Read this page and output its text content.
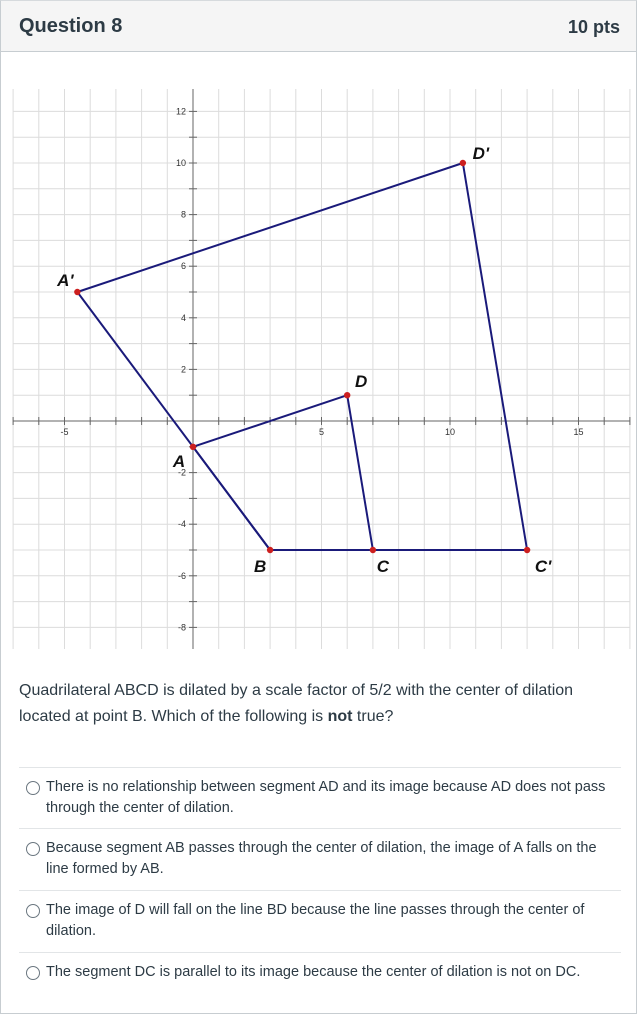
Question 8	10 pts
-5	5	10	15
12
10
8
6
4
2
-2
-4
-6
-8
A
B	C
D
A'
C'
D'
Quadrilateral ABCD is dilated by a scale factor of 5/2 with the center of dilation located at point B. Which of the following is not true?
There is no relationship between segment AD and its image because AD does not pass through the center of dilation.
Because segment AB passes through the center of dilation, the image of A falls on the line formed by AB.
The image of D will fall on the line BD because the line passes through the center of dilation.
The segment DC is parallel to its image because the center of dilation is not on DC.
